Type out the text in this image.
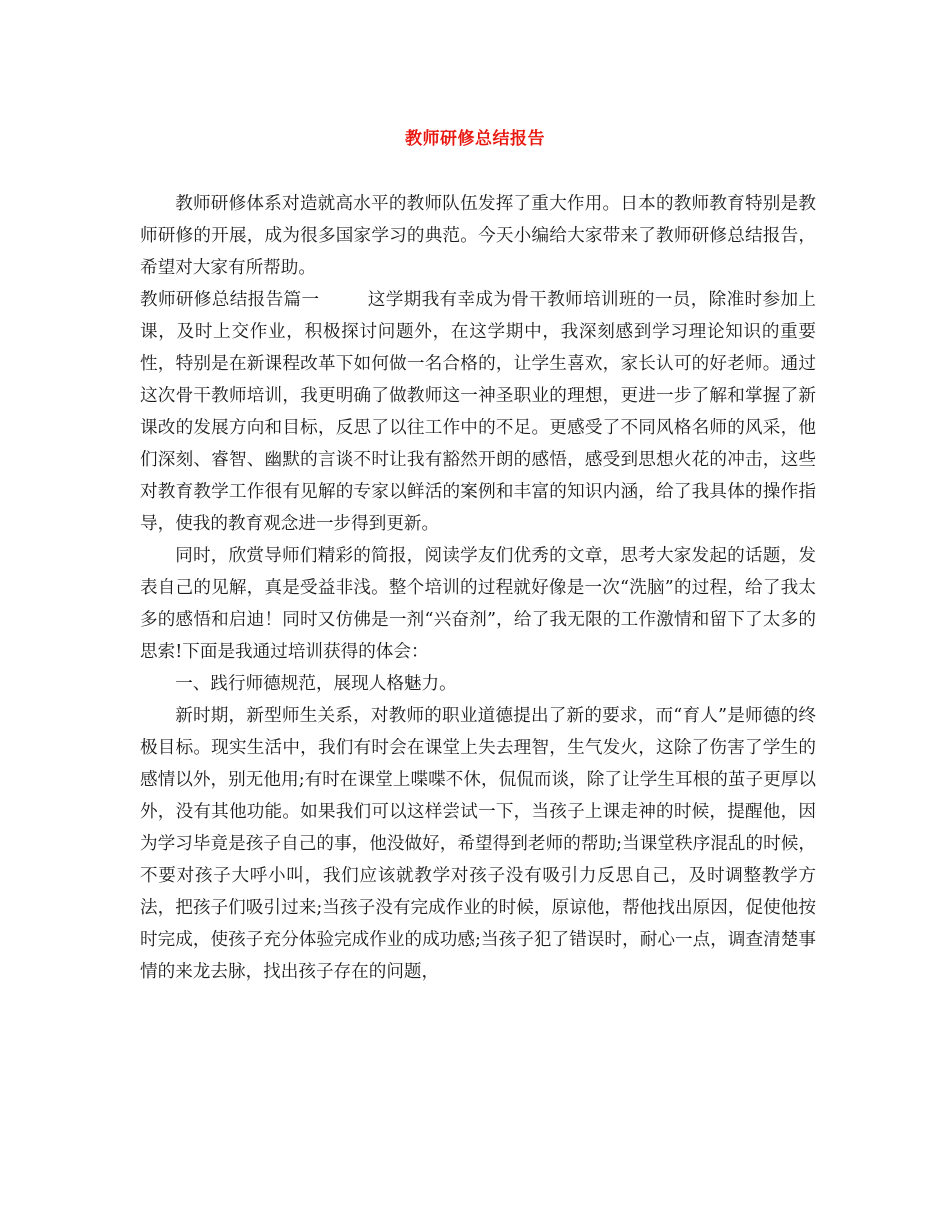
教师研修总结报告

教师研修体系对造就高水平的教师队伍发挥了重大作用。日本的教师教育特别是教师研修的开展，成为很多国家学习的典范。今天小编给大家带来了教师研修总结报告，希望对大家有所帮助。

教师研修总结报告篇一	这学期我有幸成为骨干教师培训班的一员，除准时参加上课，及时上交作业，积极探讨问题外，在这学期中，我深刻感到学习理论知识的重要性，特别是在新课程改革下如何做一名合格的，让学生喜欢，家长认可的好老师。通过这次骨干教师培训，我更明确了做教师这一神圣职业的理想，更进一步了解和掌握了新课改的发展方向和目标，反思了以往工作中的不足。更感受了不同风格名师的风采，他们深刻、睿智、幽默的言谈不时让我有豁然开朗的感悟，感受到思想火花的冲击，这些对教育教学工作很有见解的专家以鲜活的案例和丰富的知识内涵，给了我具体的操作指导，使我的教育观念进一步得到更新。

同时，欣赏导师们精彩的简报，阅读学友们优秀的文章，思考大家发起的话题，发表自己的见解，真是受益非浅。整个培训的过程就好像是一次“洗脑”的过程，给了我太多的感悟和启迪！同时又仿佛是一剂“兴奋剂”，给了我无限的工作激情和留下了太多的思索!下面是我通过培训获得的体会：

一、践行师德规范，展现人格魅力。

新时期，新型师生关系，对教师的职业道德提出了新的要求，而“育人”是师德的终极目标。现实生活中，我们有时会在课堂上失去理智，生气发火，这除了伤害了学生的感情以外，别无他用;有时在课堂上喋喋不休，侃侃而谈，除了让学生耳根的茧子更厚以外，没有其他功能。如果我们可以这样尝试一下，当孩子上课走神的时候，提醒他，因为学习毕竟是孩子自己的事，他没做好，希望得到老师的帮助;当课堂秩序混乱的时候，不要对孩子大呼小叫，我们应该就教学对孩子没有吸引力反思自己，及时调整教学方法，把孩子们吸引过来;当孩子没有完成作业的时候，原谅他，帮他找出原因，促使他按时完成，使孩子充分体验完成作业的成功感;当孩子犯了错误时，耐心一点，调查清楚事情的来龙去脉，找出孩子存在的问题，
